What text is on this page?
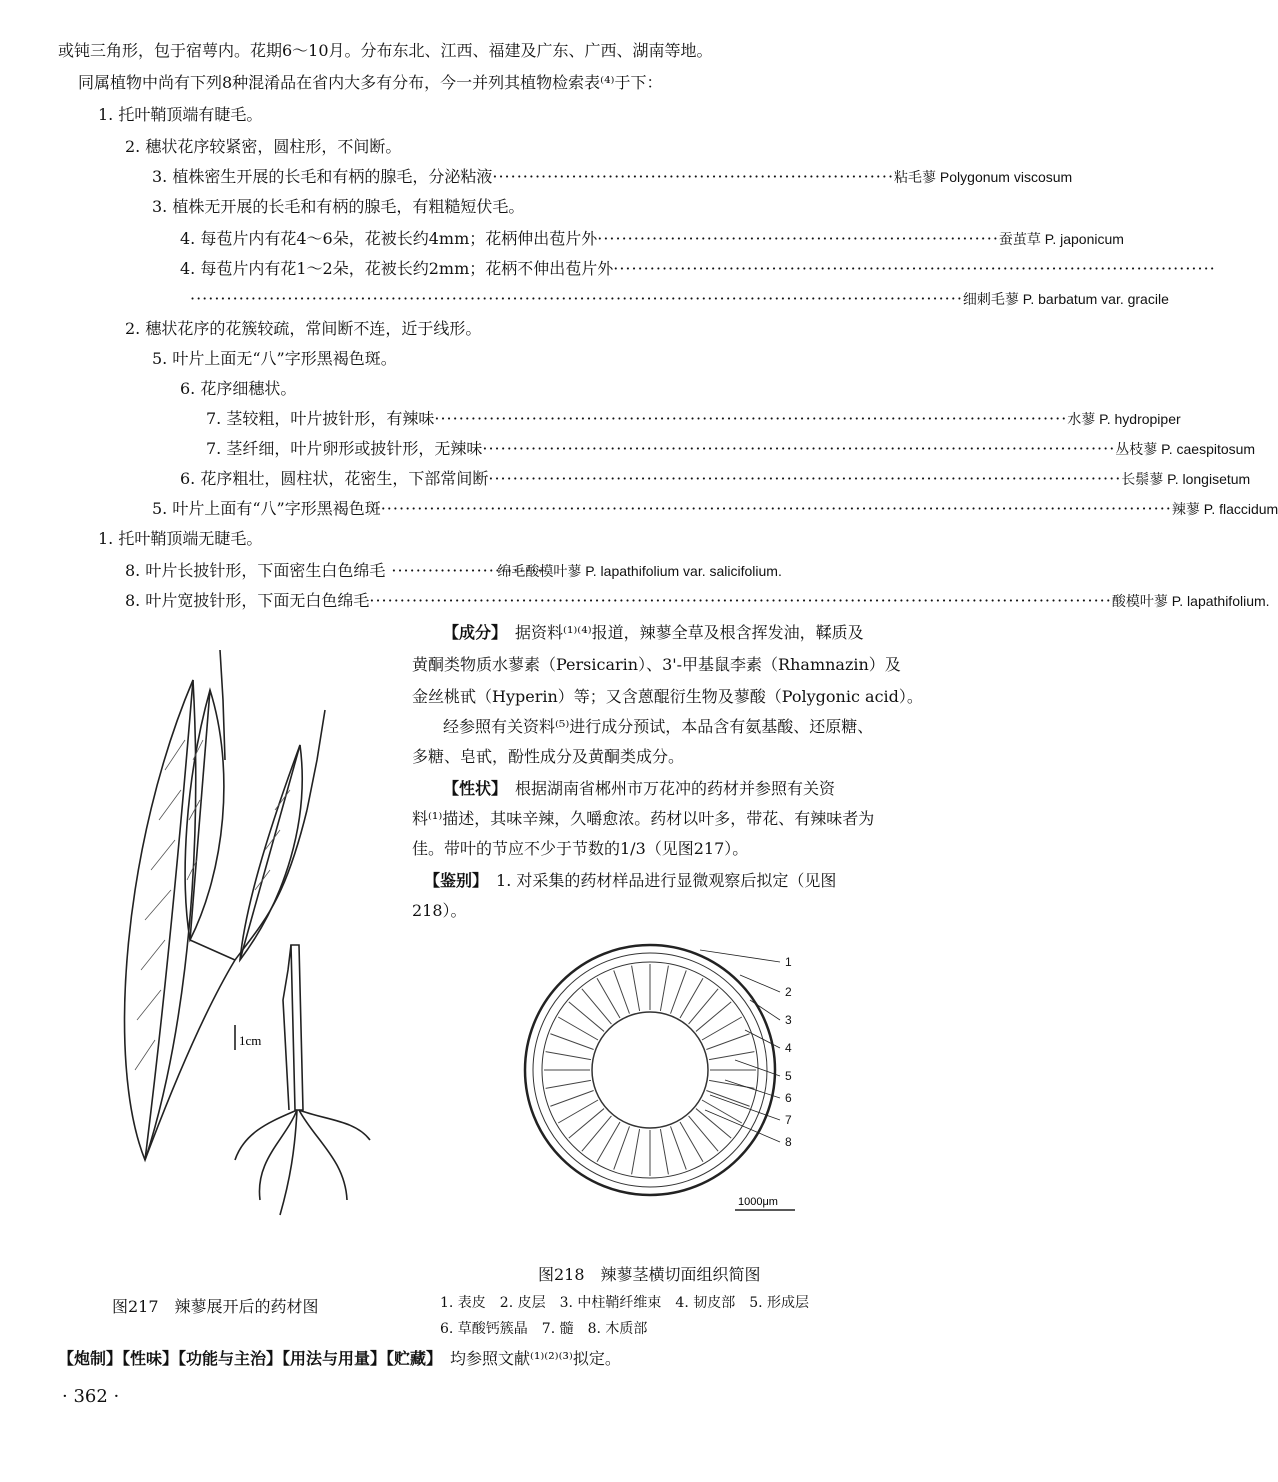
或钝三角形，包于宿萼内。花期6～10月。分布东北、江西、福建及广东、广西、湖南等地。
同属植物中尚有下列8种混淆品在省内大多有分布，今一并列其植物检索表⁽⁴⁾于下：
1. 托叶鞘顶端有睫毛。
2. 穗状花序较紧密，圆柱形，不间断。
3. 植株密生开展的长毛和有柄的腺毛，分泌粘液 ·································································· 粘毛蓼 Polygonum viscosum
3. 植株无开展的长毛和有柄的腺毛，有粗糙短伏毛。
4. 每苞片内有花4～6朵，花被长约4mm；花柄伸出苞片外 ·································································· 蚕茧草 P. japonicum
4. 每苞片内有花1～2朵，花被长约2mm；花柄不伸出苞片外 ···································································································
······························································································································· 细刺毛蓼 P. barbatum var. gracile
2. 穗状花序的花簇较疏，常间断不连，近于线形。
5. 叶片上面无“八”字形黑褐色斑。
6. 花序细穗状。
7. 茎较粗，叶片披针形，有辣味 ········································································································ 水蓼 P. hydropiper
7. 茎纤细，叶片卵形或披针形，无辣味 ········································································································ 丛枝蓼 P. caespitosum
6. 花序粗壮，圆柱状，花密生，下部常间断 ········································································································ 长鬃蓼 P. longisetum
5. 叶片上面有“八”字形黑褐色斑 ·································································································································· 辣蓼 P. flaccidum
1. 托叶鞘顶端无睫毛。
8. 叶片长披针形，下面密生白色绵毛 ·························
绵毛酸模叶蓼 P. lapathifolium var. salicifolium.
8. 叶片宽披针形，下面无白色绵毛 ·························································································································· 酸模叶蓼 P. lapathifolium.
【成分】　 据资料⁽¹⁾⁽⁴⁾报道，辣蓼全草及根含挥发油，鞣质及
黄酮类物质水蓼素（Persicarin）、3'-甲基鼠李素（Rhamnazin）及
金丝桃甙（Hyperin）等；又含蒽醌衍生物及蓼酸（Polygonic acid）。
经参照有关资料⁽⁵⁾进行成分预试，本品含有氨基酸、还原糖、
多糖、皂甙，酚性成分及黄酮类成分。
【性状】　 根据湖南省郴州市万花冲的药材并参照有关资
料⁽¹⁾描述，其味辛辣，久嚼愈浓。药材以叶多，带花、有辣味者为
佳。带叶的节应不少于节数的1/3（见图217）。
【鉴别】　 1. 对采集的药材样品进行显微观察后拟定（见图
218）。
1cm
1
2
3
4
5
6
7
8
1000μm
图218　辣蓼茎横切面组织简图
图217　辣蓼展开后的药材图	1. 表皮　2. 皮层　3. 中柱鞘纤维束　4. 韧皮部　5. 形成层
6. 草酸钙簇晶　7. 髓　8. 木质部
【炮制】【性味】【功能与主治】【用法与用量】【贮藏】　 均参照文献⁽¹⁾⁽²⁾⁽³⁾拟定。
· 362 ·
